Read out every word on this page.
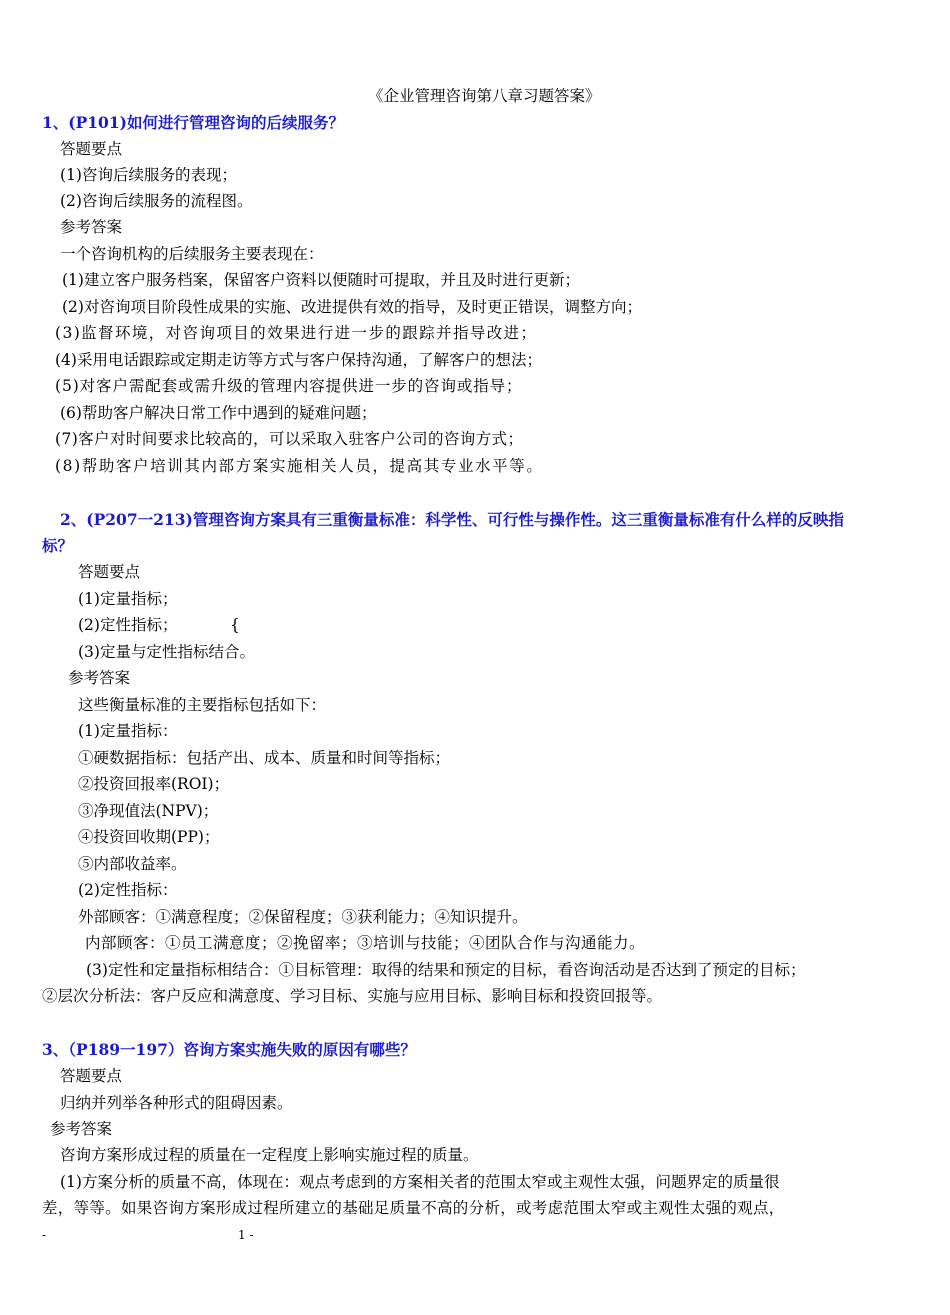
《企业管理咨询第八章习题答案》
1、(P101)如何进行管理咨询的后续服务？
答题要点
(1)咨询后续服务的表现；
(2)咨询后续服务的流程图。
参考答案
一个咨询机构的后续服务主要表现在：
(1)建立客户服务档案，保留客户资料以便随时可提取，并且及时进行更新；
(2)对咨询项目阶段性成果的实施、改进提供有效的指导，及时更正错误，调整方向；
(3)监督环境，对咨询项目的效果进行进一步的跟踪并指导改进；
(4)采用电话跟踪或定期走访等方式与客户保持沟通，了解客户的想法；
(5)对客户需配套或需升级的管理内容提供进一步的咨询或指导；
(6)帮助客户解决日常工作中遇到的疑难问题；
(7)客户对时间要求比较高的，可以采取入驻客户公司的咨询方式；
(8)帮助客户培训其内部方案实施相关人员，提高其专业水平等。
2、(P207一213)管理咨询方案具有三重衡量标准：科学性、可行性与操作性。这三重衡量标准有什么样的反映指
标？
答题要点
(1)定量指标；
(2)定性指标；	{
(3)定量与定性指标结合。
参考答案
这些衡量标准的主要指标包括如下：
(1)定量指标：
①硬数据指标：包括产出、成本、质量和时间等指标；
②投资回报率(ROI)；
③净现值法(NPV)；
④投资回收期(PP)；
⑤内部收益率。
(2)定性指标：
外部顾客：①满意程度；②保留程度；③获利能力；④知识提升。
内部顾客：①员工满意度；②挽留率；③培训与技能；④团队合作与沟通能力。
(3)定性和定量指标相结合：①目标管理：取得的结果和预定的目标，看咨询活动是否达到了预定的目标；
②层次分析法：客户反应和满意度、学习目标、实施与应用目标、影响目标和投资回报等。
3、（P189一197）咨询方案实施失败的原因有哪些？
答题要点
归纳并列举各种形式的阻碍因素。
参考答案
咨询方案形成过程的质量在一定程度上影响实施过程的质量。
(1)方案分析的质量不高，体现在：观点考虑到的方案相关者的范围太窄或主观性太强，问题界定的质量很
差，等等。如果咨询方案形成过程所建立的基础足质量不高的分析，或考虑范围太窄或主观性太强的观点，
-	1 -
